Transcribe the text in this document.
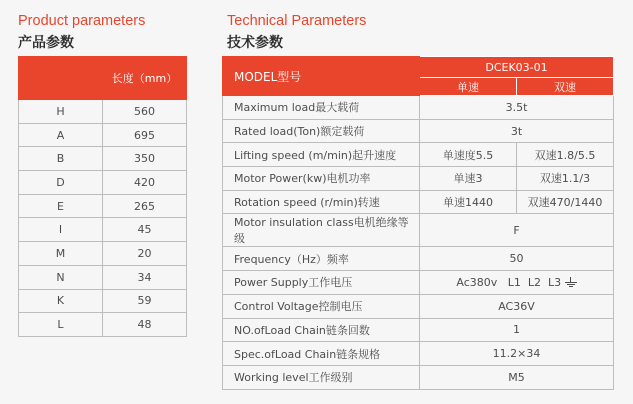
Product parameters
产品参数
Technical Parameters
技术参数
	长度（mm）
H	560
A	695
B	350
D	420
E	265
I	45
M	20
N	34
K	59
L	48
MODEL型号	DCEK03-01	
	单速	双速
Maximum load最大载荷	3.5t	
Rated load(Ton)额定载荷	3t	
Lifting speed (m/min)起升速度	单速度5.5	双速1.8/5.5
Motor Power(kw)电机功率	单速3	双速1.1/3
Rotation speed (r/min)转速	单速1440	双速470/1440
Motor insulation class电机绝缘等级	F	
Frequency（Hz）频率	50	
Power Supply工作电压	Ac380v   L1  L2  L3	

Control Voltage控制电压	AC36V	
NO.ofLoad Chain链条回数	1	
Spec.ofLoad Chain链条规格	11.2×34	
Working level工作级别	M5	
